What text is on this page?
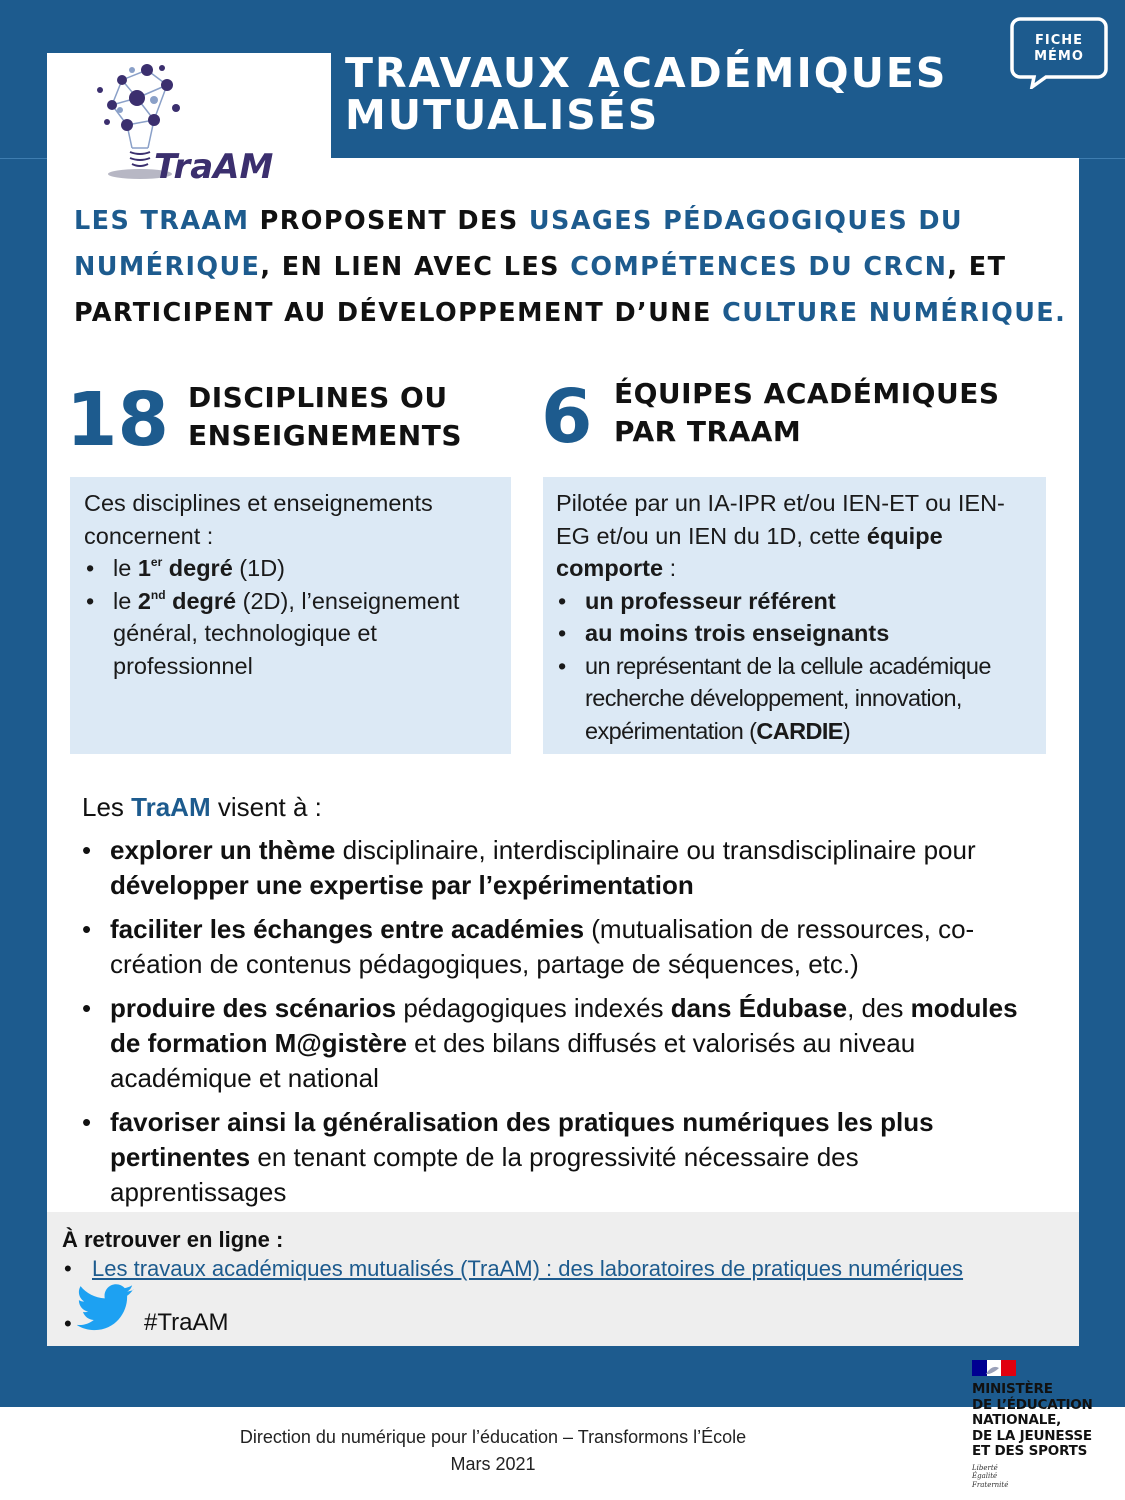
TRAVAUX ACADÉMIQUES MUTUALISÉS
FICHE
MÉMO
TraAM
LES TRAAM PROPOSENT DES USAGES PÉDAGOGIQUES DU NUMÉRIQUE, EN LIEN AVEC LES COMPÉTENCES DU CRCN, ET PARTICIPENT AU DÉVELOPPEMENT D’UNE CULTURE NUMÉRIQUE.
18 DISCIPLINES OU
ENSEIGNEMENTS 6 ÉQUIPES ACADÉMIQUES
PAR TRAAM

Ces disciplines et enseignements concernent :

• le 1er degré (1D)
• le 2nd degré (2D), l’enseignement général, technologique et professionnel

Pilotée par un IA-IPR et/ou IEN-ET ou IEN-EG et/ou un IEN du 1D, cette équipe comporte :

• un professeur référent
• au moins trois enseignants
• un représentant de la cellule académique recherche développement, innovation, expérimentation (CARDIE)

Les TraAM visent à :

• explorer un thème disciplinaire, interdisciplinaire ou transdisciplinaire pour développer une expertise par l’expérimentation
• faciliter les échanges entre académies (mutualisation de ressources, co-création de contenus pédagogiques, partage de séquences, etc.)
• produire des scénarios pédagogiques indexés dans Édubase, des modules de formation M@gistère et des bilans diffusés et valorisés au niveau académique et national
• favoriser ainsi la généralisation des pratiques numériques les plus pertinentes en tenant compte de la progressivité nécessaire des apprentissages

À retrouver en ligne :

• Les travaux académiques mutualisés (TraAM) : des laboratoires de pratiques numériques
•	#TraAM
Direction du numérique pour l’éducation – Transformons l’École
Mars 2021
MINISTÈRE
DE L’ÉDUCATION
NATIONALE,
DE LA JEUNESSE
ET DES SPORTS
Liberté
Égalité
Fraternité
